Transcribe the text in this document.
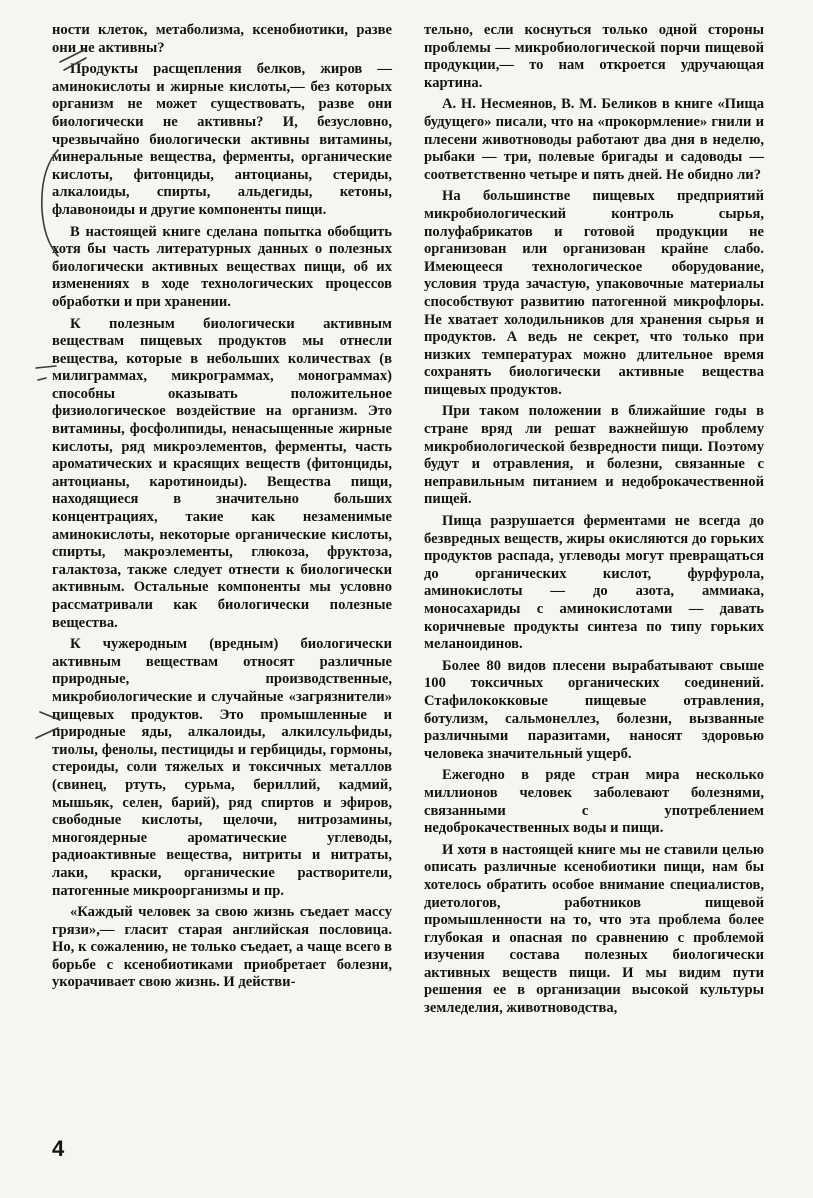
ности клеток, метаболизма, ксенобиотики, разве они не активны?

Продукты расщепления белков, жиров — аминокислоты и жирные кислоты,— без которых организм не может существовать, разве они биологически не активны? И, безусловно, чрезвычайно биологически активны витамины, минеральные вещества, ферменты, органические кислоты, фитонциды, антоцианы, стериды, алкалоиды, спирты, альдегиды, кетоны, флавоноиды и другие компоненты пищи.

В настоящей книге сделана попытка обобщить хотя бы часть литературных данных о полезных биологически активных веществах пищи, об их изменениях в ходе технологических процессов обработки и при хранении.

К полезным биологически активным веществам пищевых продуктов мы отнесли вещества, которые в небольших количествах (в милиграммах, микрограммах, монограммах) способны оказывать положительное физиологическое воздействие на организм. Это витамины, фосфолипиды, ненасыщенные жирные кислоты, ряд микроэлементов, ферменты, часть ароматических и красящих веществ (фитонциды, антоцианы, каротиноиды). Вещества пищи, находящиеся в значительно больших концентрациях, такие как незаменимые аминокислоты, некоторые органические кислоты, спирты, макроэлементы, глюкоза, фруктоза, галактоза, также следует отнести к биологически активным. Остальные компоненты мы условно рассматривали как биологически полезные вещества.

К чужеродным (вредным) биологически активным веществам относят различные природные, производственные, микробиологические и случайные «загрязнители» пищевых продуктов. Это промышленные и природные яды, алкалоиды, алкилсульфиды, тиолы, фенолы, пестициды и гербициды, гормоны, стероиды, соли тяжелых и токсичных металлов (свинец, ртуть, сурьма, бериллий, кадмий, мышьяк, селен, барий), ряд спиртов и эфиров, свободные кислоты, щелочи, нитрозамины, многоядерные ароматические углеводы, радиоактивные вещества, нитриты и нитраты, лаки, краски, органические растворители, патогенные микроорганизмы и пр.

«Каждый человек за свою жизнь съедает массу грязи»,— гласит старая английская пословица. Но, к сожалению, не только съедает, а чаще всего в борьбе с ксенобиотиками приобретает болезни, укорачивает свою жизнь. И действи-

тельно, если коснуться только одной стороны проблемы — микробиологической порчи пищевой продукции,— то нам откроется удручающая картина.

А. Н. Несмеянов, В. М. Беликов в книге «Пища будущего» писали, что на «прокормление» гнили и плесени животноводы работают два дня в неделю, рыбаки — три, полевые бригады и садоводы — соответственно четыре и пять дней. Не обидно ли?

На большинстве пищевых предприятий микробиологический контроль сырья, полуфабрикатов и готовой продукции не организован или организован крайне слабо. Имеющееся технологическое оборудование, условия труда зачастую, упаковочные материалы способствуют развитию патогенной микрофлоры. Не хватает холодильников для хранения сырья и продуктов. А ведь не секрет, что только при низких температурах можно длительное время сохранять биологически активные вещества пищевых продуктов.

При таком положении в ближайшие годы в стране вряд ли решат важнейшую проблему микробиологической безвредности пищи. Поэтому будут и отравления, и болезни, связанные с неправильным питанием и недоброкачественной пищей.

Пища разрушается ферментами не всегда до безвредных веществ, жиры окисляются до горьких продуктов распада, углеводы могут превращаться до органических кислот, фурфурола, аминокислоты — до азота, аммиака, моносахариды с аминокислотами — давать коричневые продукты синтеза по типу горьких меланоидинов.

Более 80 видов плесени вырабатывают свыше 100 токсичных органических соединений. Стафилококковые пищевые отравления, ботулизм, сальмонеллез, болезни, вызванные различными паразитами, наносят здоровью человека значительный ущерб.

Ежегодно в ряде стран мира несколько миллионов человек заболевают болезнями, связанными с употреблением недоброкачественных воды и пищи.

И хотя в настоящей книге мы не ставили целью описать различные ксенобиотики пищи, нам бы хотелось обратить особое внимание специалистов, диетологов, работников пищевой промышленности на то, что эта проблема более глубокая и опасная по сравнению с проблемой изучения состава полезных биологически активных веществ пищи. И мы видим пути решения ее в организации высокой культуры земледелия, животноводства,

4
